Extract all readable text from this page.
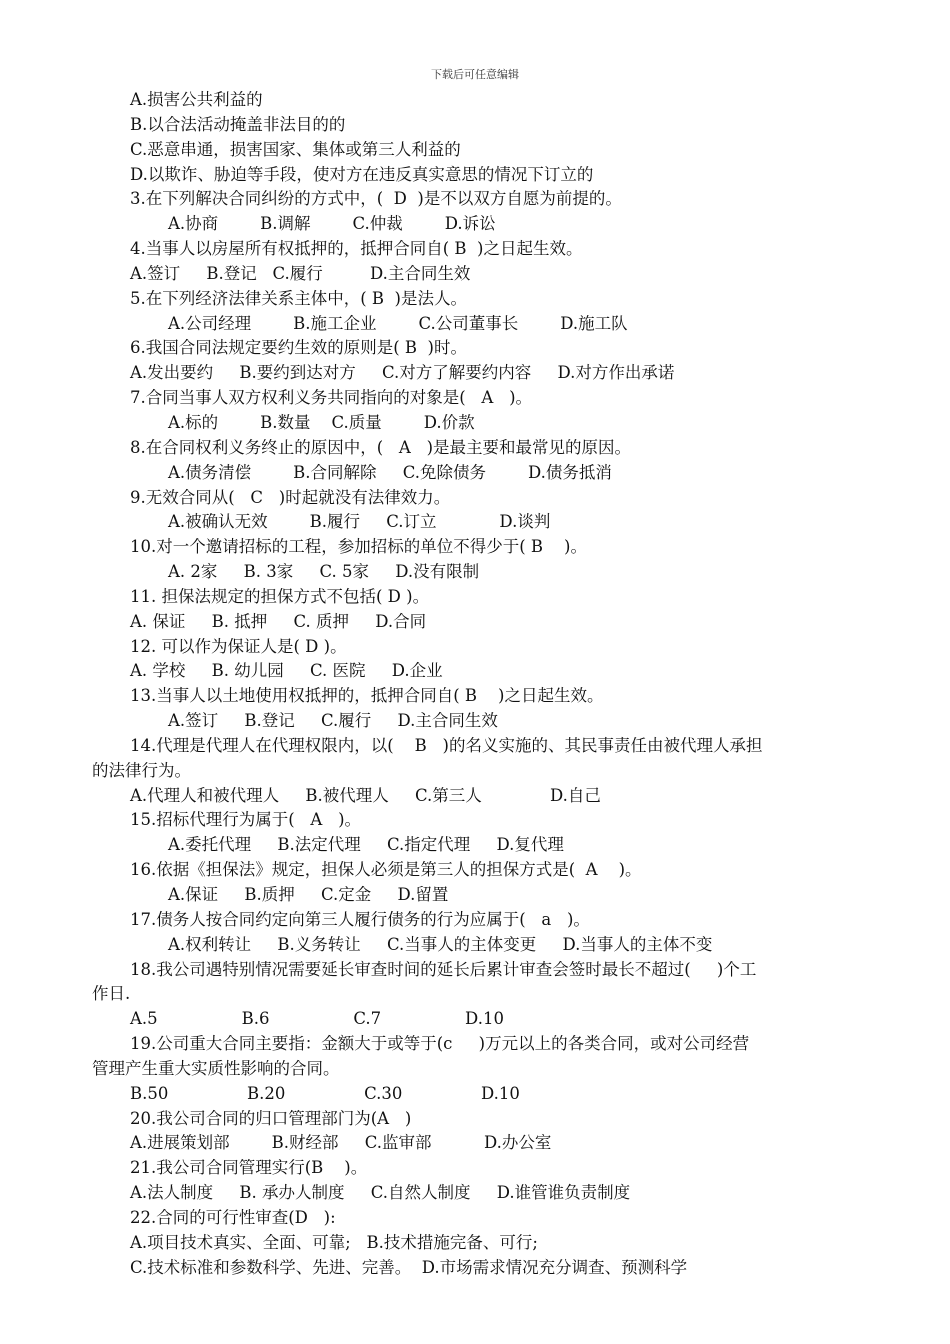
下载后可任意编辑
A.损害公共利益的
B.以合法活动掩盖非法目的的
C.恶意串通，损害国家、集体或第三人利益的
D.以欺诈、胁迫等手段，使对方在违反真实意思的情况下订立的
3.在下列解决合同纠纷的方式中，(  D  )是不以双方自愿为前提的。
A.协商        B.调解        C.仲裁        D.诉讼
4.当事人以房屋所有权抵押的，抵押合同自( B  )之日起生效。
A.签订     B.登记   C.履行         D.主合同生效
5.在下列经济法律关系主体中，( B  )是法人。
A.公司经理        B.施工企业        C.公司董事长        D.施工队
6.我国合同法规定要约生效的原则是( B  )时。
A.发出要约     B.要约到达对方     C.对方了解要约内容     D.对方作出承诺
7.合同当事人双方权利义务共同指向的对象是(   A   )。
A.标的        B.数量    C.质量        D.价款
8.在合同权利义务终止的原因中，(   A   )是最主要和最常见的原因。
A.债务清偿        B.合同解除     C.免除债务        D.债务抵消
9.无效合同从(   C   )时起就没有法律效力。
A.被确认无效        B.履行     C.订立            D.谈判
10.对一个邀请招标的工程，参加招标的单位不得少于( B    )。
A. 2家     B. 3家     C. 5家     D.没有限制
11. 担保法规定的担保方式不包括( D )。
A. 保证     B. 抵押     C. 质押     D.合同
12. 可以作为保证人是( D )。
A. 学校     B. 幼儿园     C. 医院     D.企业
13.当事人以土地使用权抵押的，抵押合同自( B    )之日起生效。
A.签订     B.登记     C.履行     D.主合同生效
14.代理是代理人在代理权限内，以(    B   )的名义实施的、其民事责任由被代理人承担
的法律行为。
A.代理人和被代理人     B.被代理人     C.第三人             D.自己
15.招标代理行为属于(   A   )。
A.委托代理     B.法定代理     C.指定代理     D.复代理
16.依据《担保法》规定，担保人必须是第三人的担保方式是(  A    )。
A.保证     B.质押     C.定金     D.留置
17.债务人按合同约定向第三人履行债务的行为应属于(   a   )。
A.权利转让     B.义务转让     C.当事人的主体变更     D.当事人的主体不变
18.我公司遇特别情况需要延长审查时间的延长后累计审查会签时最长不超过(     )个工
作日.
A.5                B.6                C.7                D.10
19.公司重大合同主要指：金额大于或等于(c     )万元以上的各类合同，或对公司经营
管理产生重大实质性影响的合同。
B.50               B.20               C.30               D.10
20.我公司合同的归口管理部门为(A   )
A.进展策划部        B.财经部     C.监审部          D.办公室
21.我公司合同管理实行(B    )。
A.法人制度     B. 承办人制度     C.自然人制度     D.谁管谁负责制度
22.合同的可行性审查(D   ):
A.项目技术真实、全面、可靠;   B.技术措施完备、可行;
C.技术标准和参数科学、先进、完善。  D.市场需求情况充分调查、预测科学
